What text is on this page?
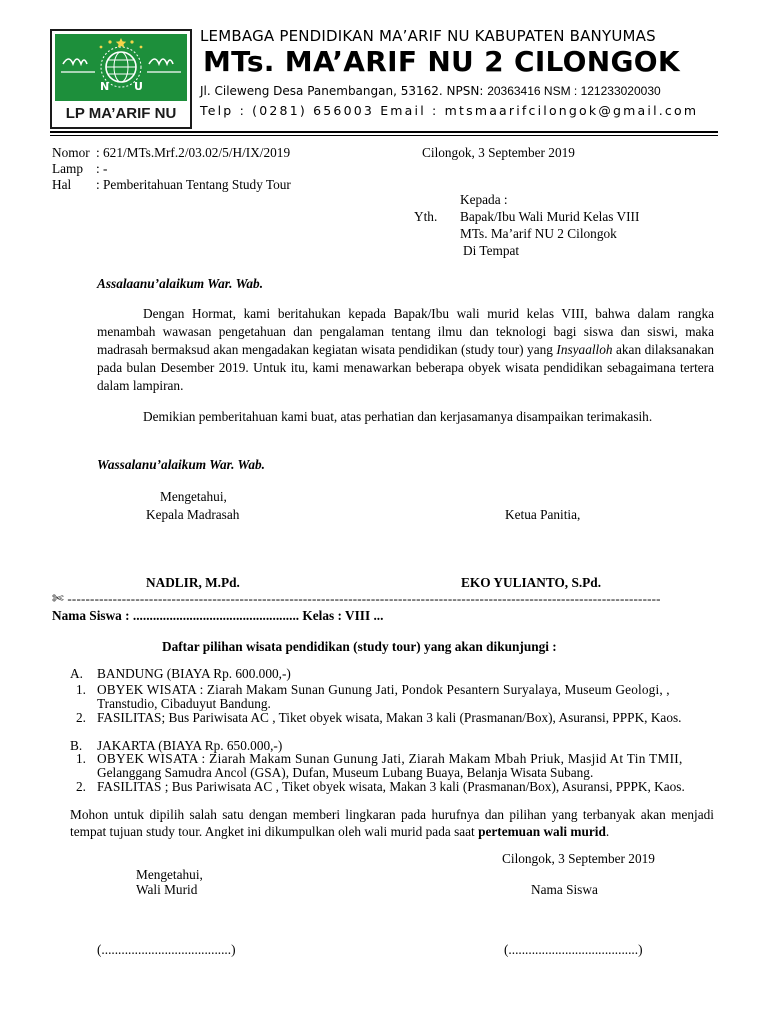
N U
LP MA’ARIF NU
LEMBAGA PENDIDIKAN MA’ARIF NU KABUPATEN BANYUMAS
MTs. MA’ARIF NU 2 CILONGOK
Jl. Cileweng Desa Panembangan, 53162. NPSN: 20363416 NSM : 121233020030
Telp : (0281) 656003 Email : mtsmaarifcilongok@gmail.com
Nomor : 621/MTs.Mrf.2/03.02/5/H/IX/2019
Lamp : -
Hal : Pemberitahuan Tentang Study Tour
Cilongok, 3 September 2019
Kepada :
Yth. Bapak/Ibu Wali Murid Kelas VIII
MTs. Ma’arif NU 2 Cilongok
Di Tempat
Assalaanu’alaikum War. Wab.
Dengan Hormat, kami beritahukan kepada Bapak/Ibu wali murid kelas VIII, bahwa dalam rangka menambah wawasan pengetahuan dan pengalaman tentang ilmu dan teknologi bagi siswa dan siswi, maka madrasah bermaksud akan mengadakan kegiatan wisata pendidikan (study tour) yang Insyaalloh akan dilaksanakan pada bulan Desember 2019. Untuk itu, kami menawarkan beberapa obyek wisata pendidikan sebagaimana tertera dalam lampiran.
Demikian pemberitahuan kami buat, atas perhatian dan kerjasamanya disampaikan terimakasih.
Wassalanu’alaikum War. Wab.
Mengetahui,
Kepala Madrasah	Ketua Panitia,
NADLIR, M.Pd.	EKO YULIANTO, S.Pd.
✄ -----------------------------------------------------------------------------------------------------------------------------------
Nama Siswa : .................................................. Kelas : VIII ...
Daftar pilihan wisata pendidikan (study tour) yang akan dikunjungi :
A. BANDUNG (BIAYA Rp. 600.000,-)
1. OBYEK WISATA : Ziarah Makam Sunan Gunung Jati, Pondok Pesantern Suryalaya, Museum Geologi, ,
Transtudio, Cibaduyut Bandung.
2. FASILITAS; Bus Pariwisata AC , Tiket obyek wisata, Makan 3 kali (Prasmanan/Box), Asuransi, PPPK, Kaos.
B. JAKARTA (BIAYA Rp. 650.000,-)
1. OBYEK WISATA : Ziarah Makam Sunan Gunung Jati, Ziarah Makam Mbah Priuk, Masjid At Tin TMII,
Gelanggang Samudra Ancol (GSA), Dufan, Museum Lubang Buaya, Belanja Wisata Subang.
2. FASILITAS ; Bus Pariwisata AC , Tiket obyek wisata, Makan 3 kali (Prasmanan/Box), Asuransi, PPPK, Kaos.
Mohon untuk dipilih salah satu dengan memberi lingkaran pada hurufnya dan pilihan yang terbanyak akan menjadi tempat tujuan study tour. Angket ini dikumpulkan oleh wali murid pada saat pertemuan wali murid.
Cilongok, 3 September 2019
Mengetahui,
Wali Murid	Nama Siswa
(.......................................)	(.......................................)
